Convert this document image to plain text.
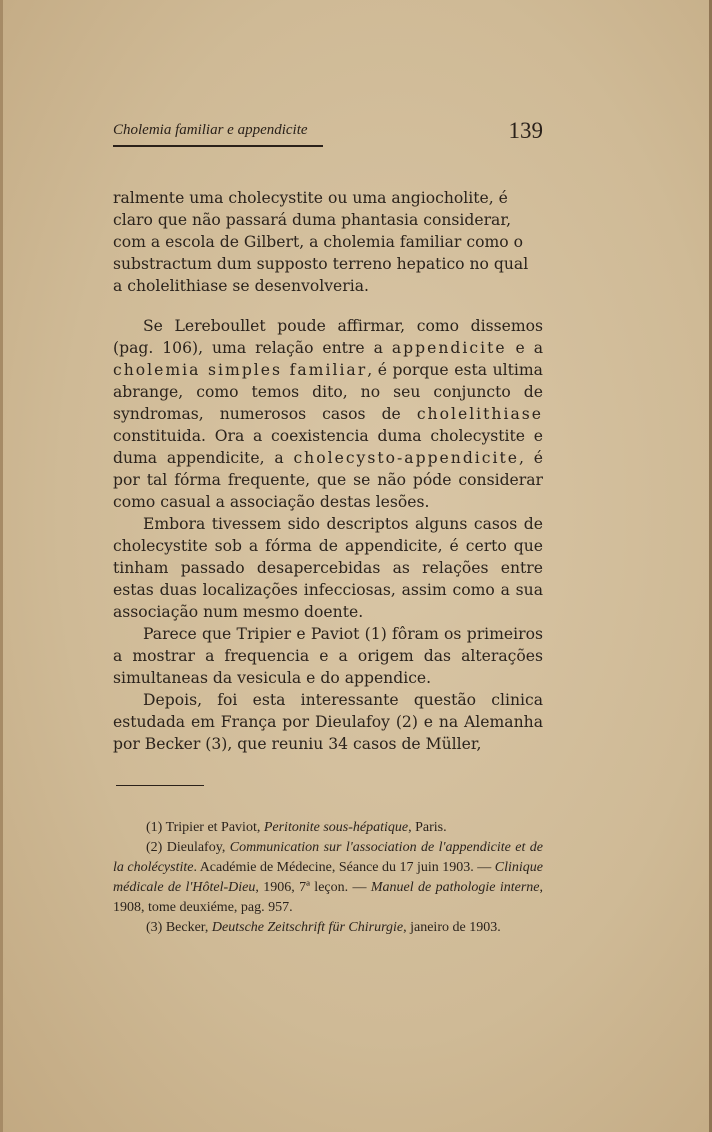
Cholemia familiar e appendicite	139

ralmente uma cholecystite ou uma angiocholite, é
claro que não passará duma phantasia considerar,
com a escola de Gilbert, a cholemia familiar como o
substractum dum supposto terreno hepatico no qual
a cholelithiase se desenvolveria.

Se Lereboullet poude affirmar, como dissemos (pag. 106), uma relação entre a appendicite e a cholemia simples familiar, é porque esta ultima abrange, como temos dito, no seu conjuncto de syndromas, numerosos casos de cholelithiase constituida. Ora a coexistencia duma cholecystite e duma appendicite, a cholecysto-appendicite, é por tal fórma frequente, que se não póde considerar como casual a associação destas lesões.

Embora tivessem sido descriptos alguns casos de cholecystite sob a fórma de appendicite, é certo que tinham passado desapercebidas as relações entre estas duas localizações infecciosas, assim como a sua associação num mesmo doente.

Parece que Tripier e Paviot (1) fôram os primeiros a mostrar a frequencia e a origem das alterações simultaneas da vesicula e do appendice.

Depois, foi esta interessante questão clinica estudada em França por Dieulafoy (2) e na Alemanha por Becker (3), que reuniu 34 casos de Müller,

(1) Tripier et Paviot, Peritonite sous-hépatique, Paris.

(2) Dieulafoy, Communication sur l'association de l'appendicite et de la cholécystite. Académie de Médecine, Séance du 17 juin 1903. — Clinique médicale de l'Hôtel-Dieu, 1906, 7ª leçon. — Manuel de pathologie interne, 1908, tome deuxiéme, pag. 957.

(3) Becker, Deutsche Zeitschrift für Chirurgie, janeiro de 1903.
